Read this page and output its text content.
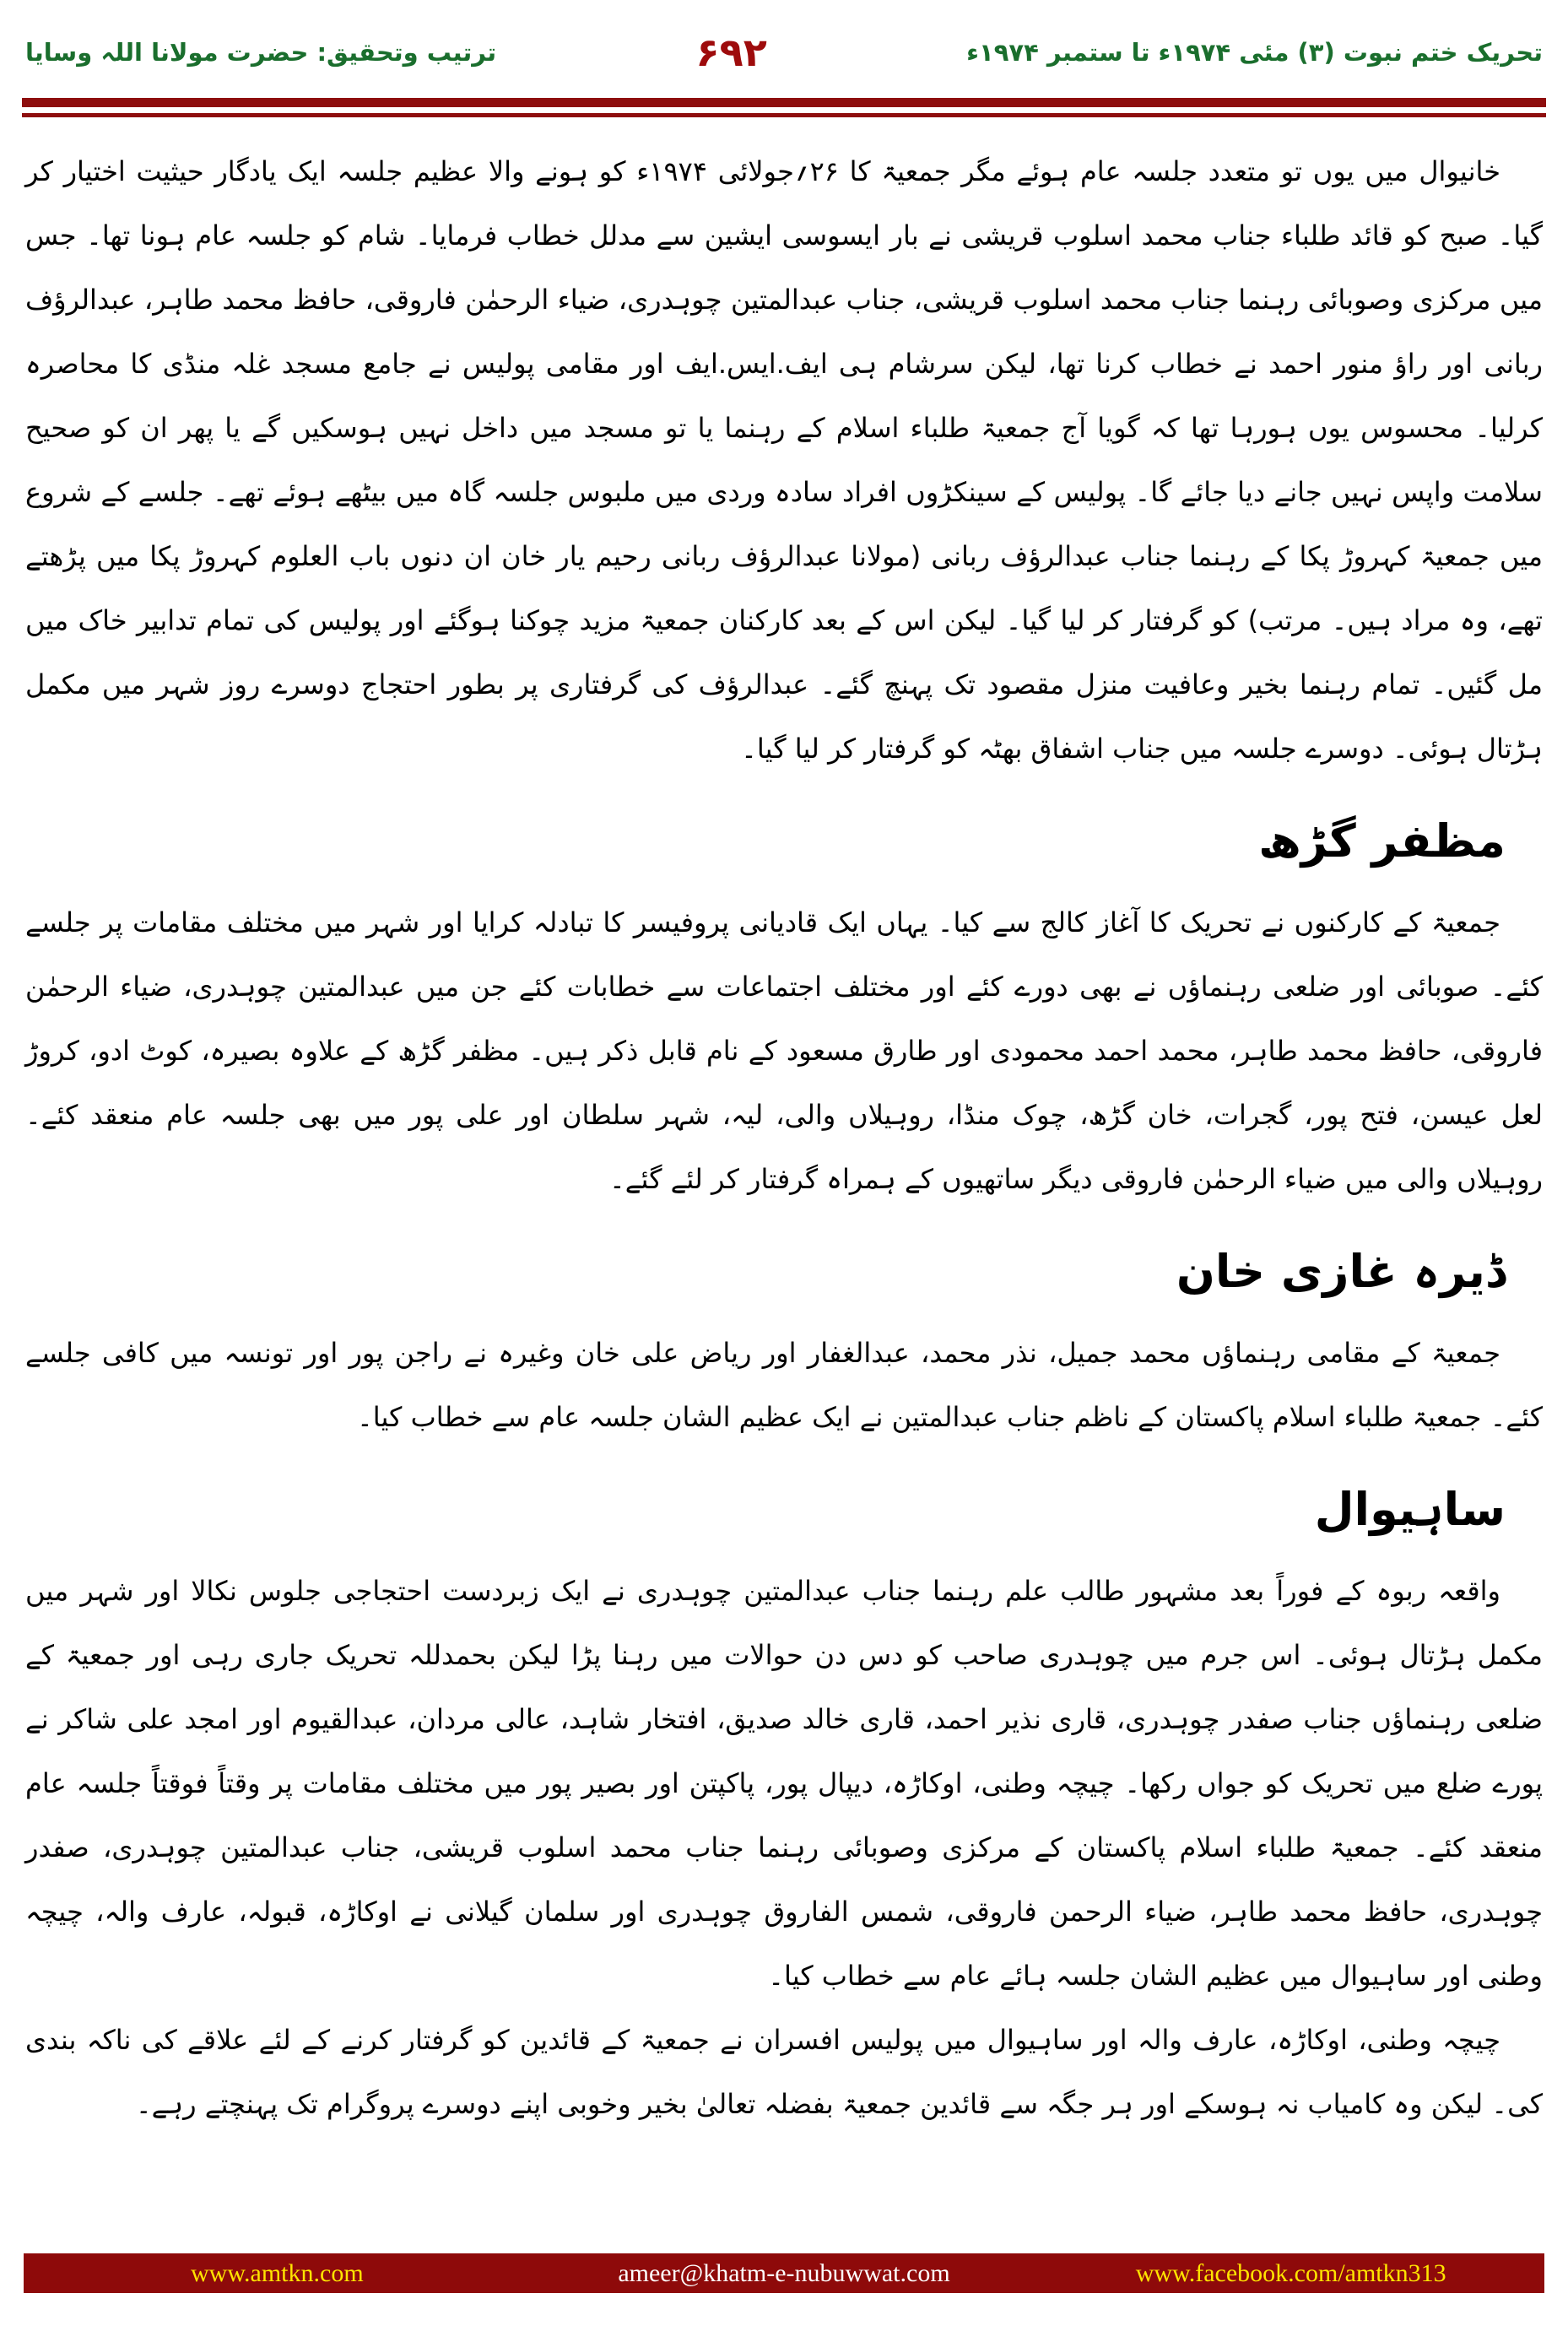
تحریک ختم نبوت (۳) مئی ۱۹۷۴ء تا ستمبر ۱۹۷۴ء
۶۹۲
ترتیب وتحقیق: حضرت مولانا اللہ وسایا

خانیوال میں یوں تو متعدد جلسہ عام ہوئے مگر جمعیۃ کا ۲۶؍جولائی ۱۹۷۴ء کو ہونے والا عظیم جلسہ ایک یادگار حیثیت اختیار کر گیا۔ صبح کو قائد طلباء جناب محمد اسلوب قریشی نے بار ایسوسی ایشین سے مدلل خطاب فرمایا۔ شام کو جلسہ عام ہونا تھا۔ جس میں مرکزی وصوبائی رہنما جناب محمد اسلوب قریشی، جناب عبدالمتین چوہدری، ضیاء الرحمٰن فاروقی، حافظ محمد طاہر، عبدالرؤف ربانی اور راؤ منور احمد نے خطاب کرنا تھا، لیکن سرشام ہی ایف.ایس.ایف اور مقامی پولیس نے جامع مسجد غلہ منڈی کا محاصرہ کرلیا۔ محسوس یوں ہورہا تھا کہ گویا آج جمعیۃ طلباء اسلام کے رہنما یا تو مسجد میں داخل نہیں ہوسکیں گے یا پھر ان کو صحیح سلامت واپس نہیں جانے دیا جائے گا۔ پولیس کے سینکڑوں افراد سادہ وردی میں ملبوس جلسہ گاہ میں بیٹھے ہوئے تھے۔ جلسے کے شروع میں جمعیۃ کہروڑ پکا کے رہنما جناب عبدالرؤف ربانی (مولانا عبدالرؤف ربانی رحیم یار خان ان دنوں باب العلوم کہروڑ پکا میں پڑھتے تھے، وہ مراد ہیں۔ مرتب) کو گرفتار کر لیا گیا۔ لیکن اس کے بعد کارکنان جمعیۃ مزید چوکنا ہوگئے اور پولیس کی تمام تدابیر خاک میں مل گئیں۔ تمام رہنما بخیر وعافیت منزل مقصود تک پہنچ گئے۔ عبدالرؤف کی گرفتاری پر بطور احتجاج دوسرے روز شہر میں مکمل ہڑتال ہوئی۔ دوسرے جلسہ میں جناب اشفاق بھٹہ کو گرفتار کر لیا گیا۔

مظفر گڑھ

جمعیۃ کے کارکنوں نے تحریک کا آغاز کالج سے کیا۔ یہاں ایک قادیانی پروفیسر کا تبادلہ کرایا اور شہر میں مختلف مقامات پر جلسے کئے۔ صوبائی اور ضلعی رہنماؤں نے بھی دورے کئے اور مختلف اجتماعات سے خطابات کئے جن میں عبدالمتین چوہدری، ضیاء الرحمٰن فاروقی، حافظ محمد طاہر، محمد احمد محمودی اور طارق مسعود کے نام قابل ذکر ہیں۔ مظفر گڑھ کے علاوہ بصیرہ، کوٹ ادو، کروڑ لعل عیسن، فتح پور، گجرات، خان گڑھ، چوک منڈا، روہیلاں والی، لیہ، شہر سلطان اور علی پور میں بھی جلسہ عام منعقد کئے۔ روہیلاں والی میں ضیاء الرحمٰن فاروقی دیگر ساتھیوں کے ہمراہ گرفتار کر لئے گئے۔

ڈیرہ غازی خان

جمعیۃ کے مقامی رہنماؤں محمد جمیل، نذر محمد، عبدالغفار اور ریاض علی خان وغیرہ نے راجن پور اور تونسہ میں کافی جلسے کئے۔ جمعیۃ طلباء اسلام پاکستان کے ناظم جناب عبدالمتین نے ایک عظیم الشان جلسہ عام سے خطاب کیا۔

ساہیوال

واقعہ ربوہ کے فوراً بعد مشہور طالب علم رہنما جناب عبدالمتین چوہدری نے ایک زبردست احتجاجی جلوس نکالا اور شہر میں مکمل ہڑتال ہوئی۔ اس جرم میں چوہدری صاحب کو دس دن حوالات میں رہنا پڑا لیکن بحمدللہ تحریک جاری رہی اور جمعیۃ کے ضلعی رہنماؤں جناب صفدر چوہدری، قاری نذیر احمد، قاری خالد صدیق، افتخار شاہد، عالی مردان، عبدالقیوم اور امجد علی شاکر نے پورے ضلع میں تحریک کو جواں رکھا۔ چیچہ وطنی، اوکاڑہ، دیپال پور، پاکپتن اور بصیر پور میں مختلف مقامات پر وقتاً فوقتاً جلسہ عام منعقد کئے۔ جمعیۃ طلباء اسلام پاکستان کے مرکزی وصوبائی رہنما جناب محمد اسلوب قریشی، جناب عبدالمتین چوہدری، صفدر چوہدری، حافظ محمد طاہر، ضیاء الرحمن فاروقی، شمس الفاروق چوہدری اور سلمان گیلانی نے اوکاڑہ، قبولہ، عارف والہ، چیچہ وطنی اور ساہیوال میں عظیم الشان جلسہ ہائے عام سے خطاب کیا۔

چیچہ وطنی، اوکاڑہ، عارف والہ اور ساہیوال میں پولیس افسران نے جمعیۃ کے قائدین کو گرفتار کرنے کے لئے علاقے کی ناکہ بندی کی۔ لیکن وہ کامیاب نہ ہوسکے اور ہر جگہ سے قائدین جمعیۃ بفضلہ تعالیٰ بخیر وخوبی اپنے دوسرے پروگرام تک پہنچتے رہے۔

www.amtkn.com	ameer@khatm-e-nubuwwat.com	www.facebook.com/amtkn313
